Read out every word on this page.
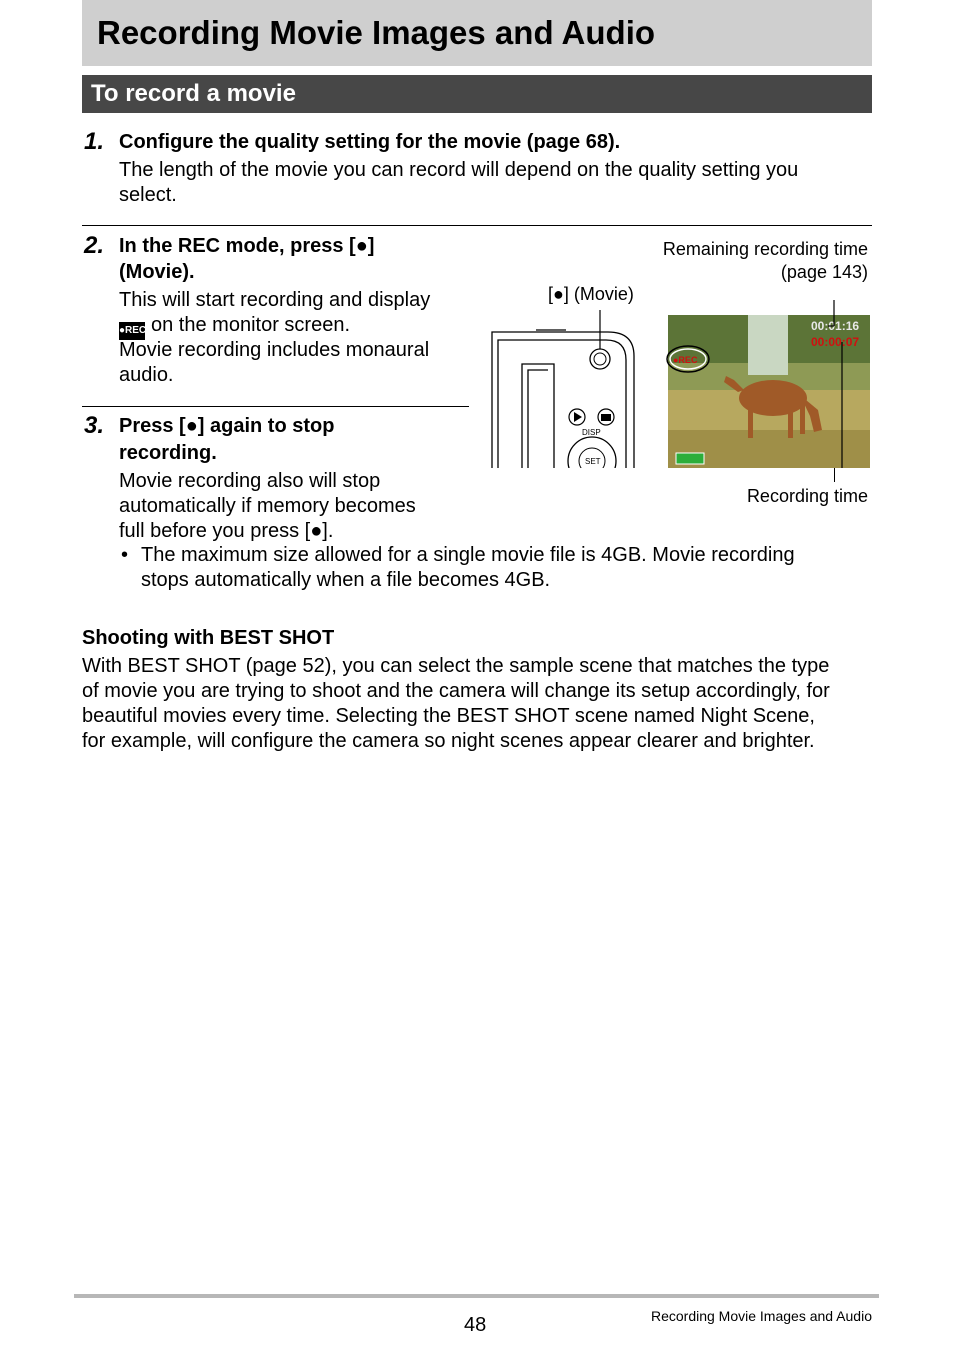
Recording Movie Images and Audio
To record a movie
1. Configure the quality setting for the movie (page 68).
The length of the movie you can record will depend on the quality setting you
select.
2. In the REC mode, press [●]
(Movie).
This will start recording and display
●REC on the monitor screen.
Movie recording includes monaural
audio.
3. Press [●] again to stop
recording.
Movie recording also will stop
automatically if memory becomes
full before you press [●].
• The maximum size allowed for a single movie file is 4GB. Movie recording
stops automatically when a file becomes 4GB.
Remaining recording time
(page 143)
[●] (Movie)
Recording time
DISP
SET
00:01:16
00:00:07
●REC
Shooting with BEST SHOT
With BEST SHOT (page 52), you can select the sample scene that matches the type
of movie you are trying to shoot and the camera will change its setup accordingly, for
beautiful movies every time. Selecting the BEST SHOT scene named Night Scene,
for example, will configure the camera so night scenes appear clearer and brighter.
48	Recording Movie Images and Audio
